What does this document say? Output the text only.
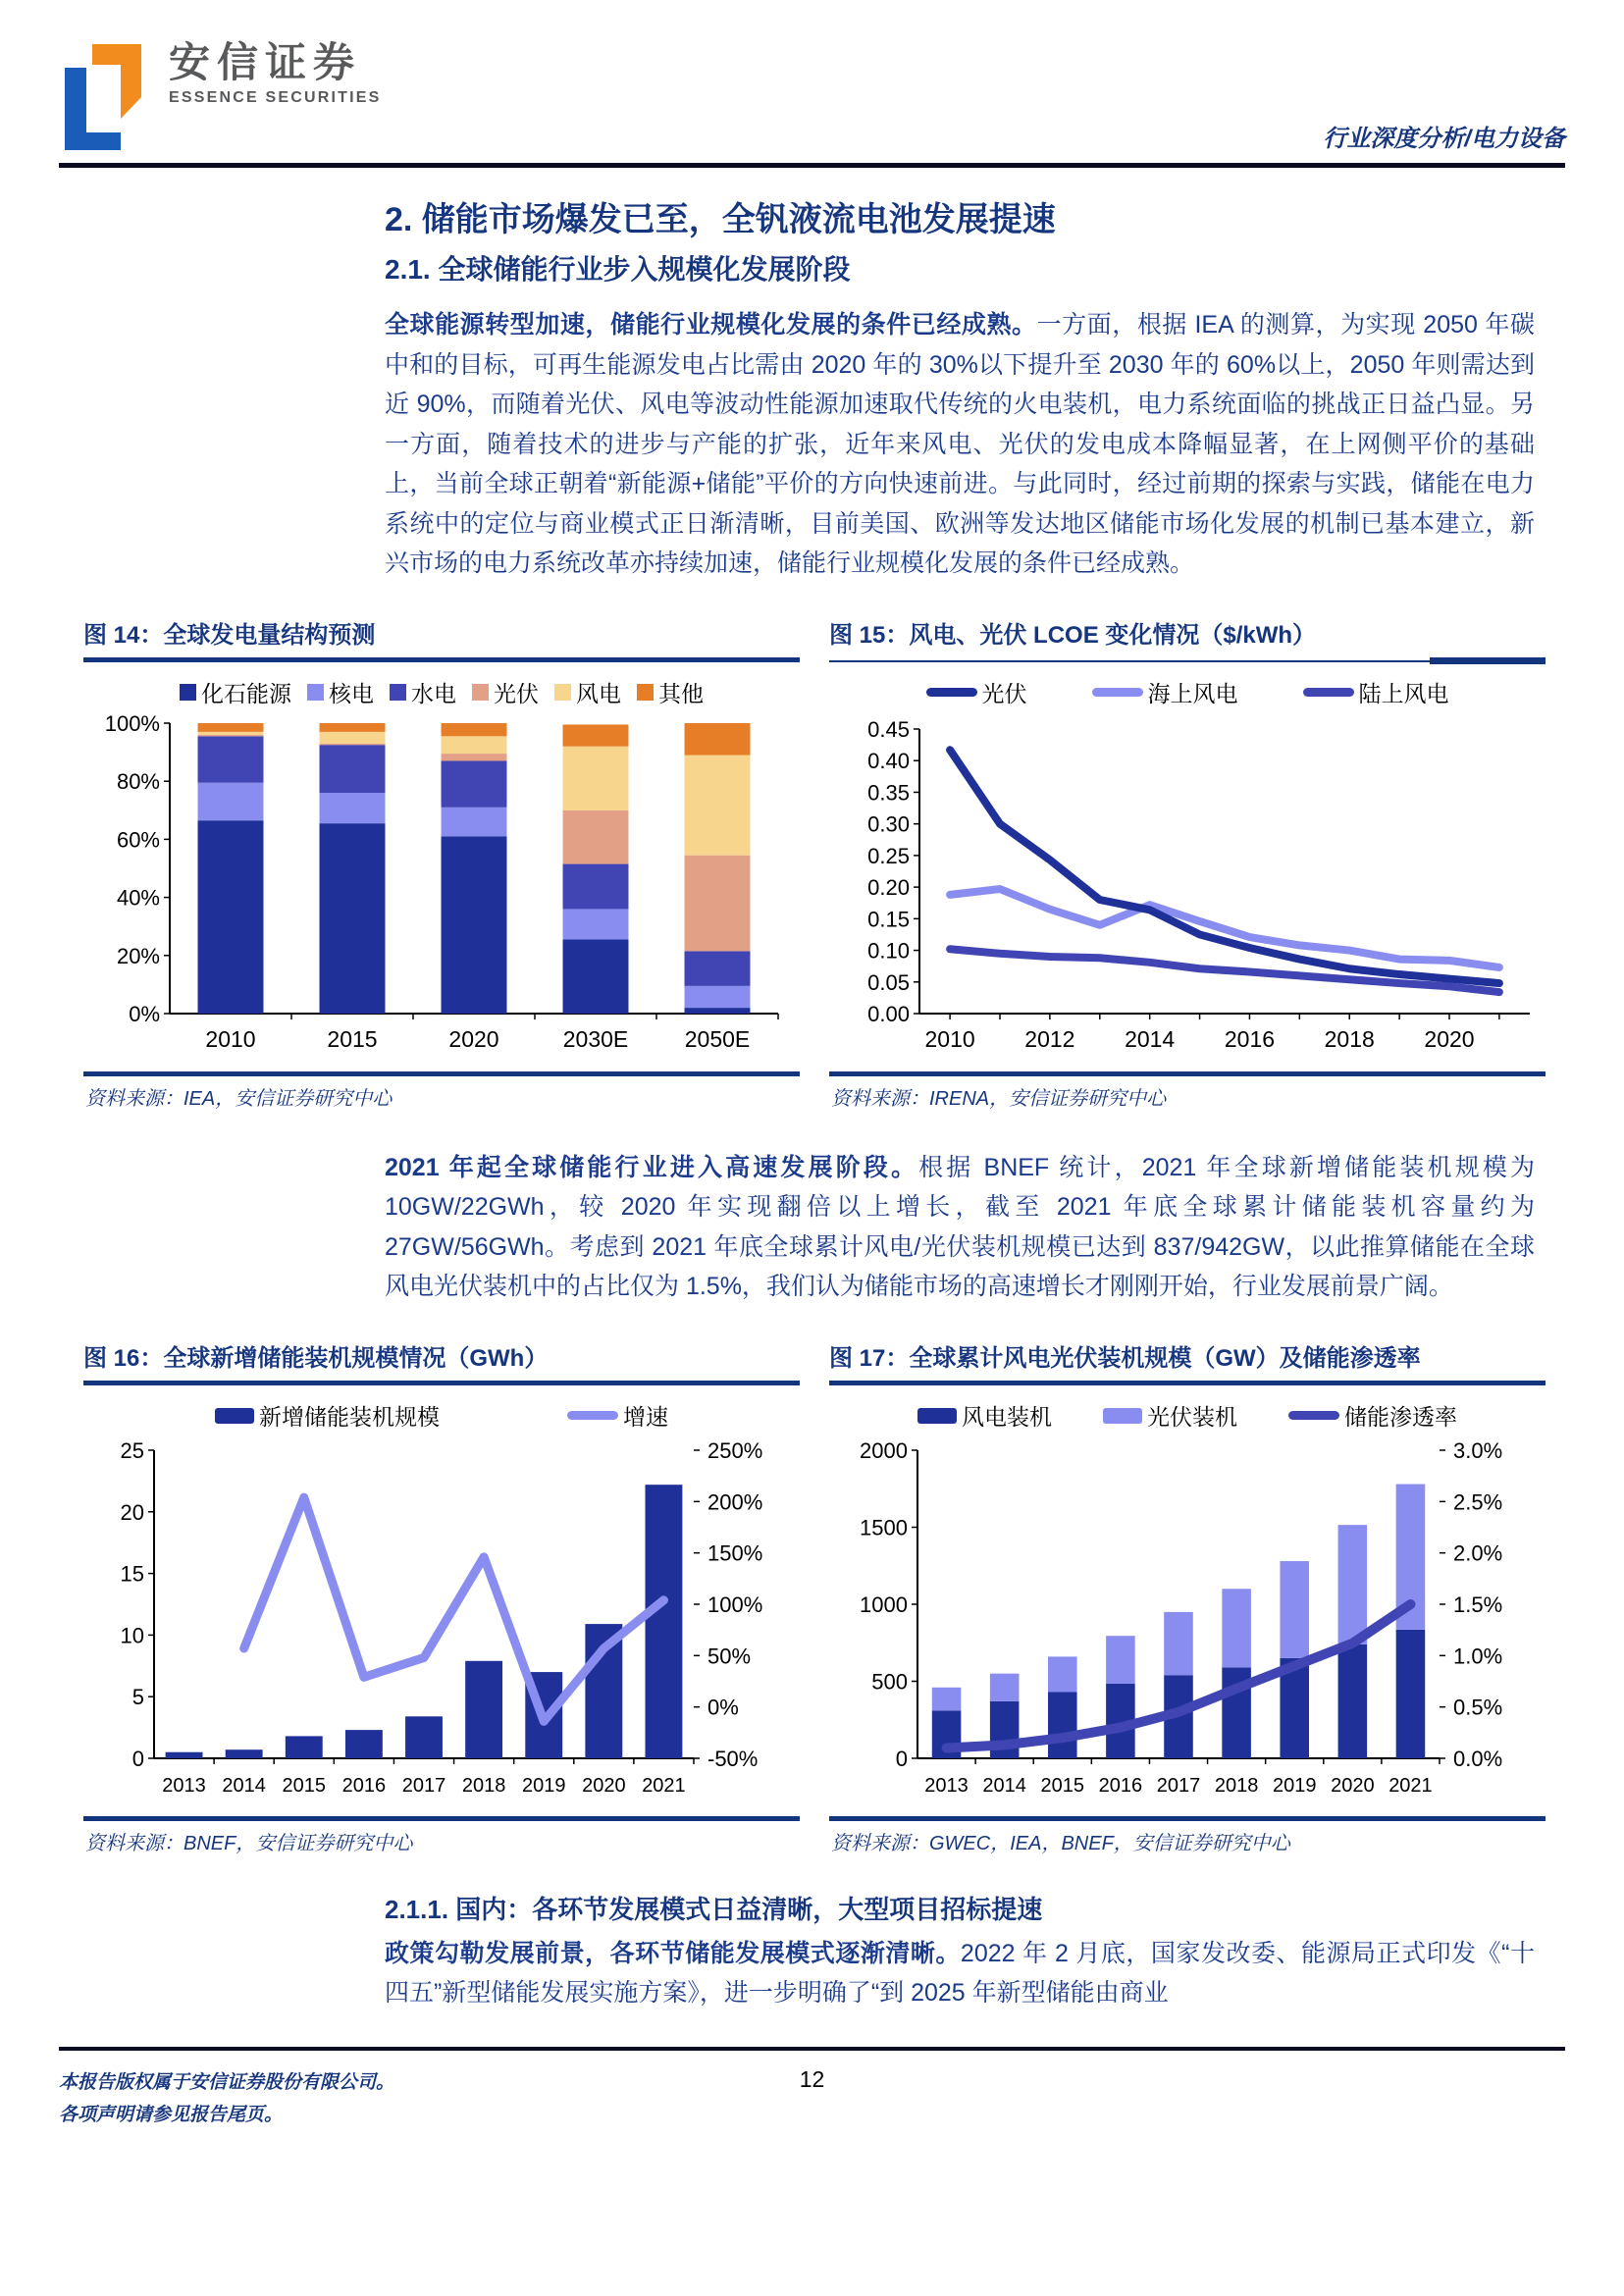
安信证券
ESSENCE SECURITIES
行业深度分析/电力设备
2. 储能市场爆发已至，全钒液流电池发展提速
2.1. 全球储能行业步入规模化发展阶段

全球能源转型加速，储能行业规模化发展的条件已经成熟。一方面，根据 IEA 的测算，为实现 2050 年碳中和的目标，可再生能源发电占比需由 2020 年的 30%以下提升至 2030 年的 60%以上，2050 年则需达到近 90%，而随着光伏、风电等波动性能源加速取代传统的火电装机，电力系统面临的挑战正日益凸显。另一方面，随着技术的进步与产能的扩张，近年来风电、光伏的发电成本降幅显著，在上网侧平价的基础上，当前全球正朝着“新能源+储能”平价的方向快速前进。与此同时，经过前期的探索与实践，储能在电力系统中的定位与商业模式正日渐清晰，目前美国、欧洲等发达地区储能市场化发展的机制已基本建立，新兴市场的电力系统改革亦持续加速，储能行业规模化发展的条件已经成熟。

图 14：全球发电量结构预测
化石能源 核电 水电 光伏 风电 其他
0%
20%
40%
60%
80%
100%
2010	2015	2020	2030E 2050E
资料来源：IEA，安信证券研究中心
图 15：风电、光伏 LCOE 变化情况（$/kWh）
光伏	海上风电	陆上风电
0.00
0.05
0.10
0.15
0.20
0.25
0.30
0.35
0.40
0.45
2010 2012 2014 2016 2018 2020
资料来源：IRENA，安信证券研究中心

2021 年起全球储能行业进入高速发展阶段。根据 BNEF 统计，2021 年全球新增储能装机规模为 10GW/22GWh，较 2020 年实现翻倍以上增长，截至 2021 年底全球累计储能装机容量约为 27GW/56GWh。考虑到 2021 年底全球累计风电/光伏装机规模已达到 837/942GW，以此推算储能在全球风电光伏装机中的占比仅为 1.5%，我们认为储能市场的高速增长才刚刚开始，行业发展前景广阔。

图 16：全球新增储能装机规模情况（GWh）
新增储能装机规模	增速
0
5
10
15
20
25
-50%
0%
50%
100%
150%
200%
250%
2013 2014 2015 2016 2017 2018 2019 2020 2021
资料来源：BNEF，安信证券研究中心
图 17：全球累计风电光伏装机规模（GW）及储能渗透率
风电装机	光伏装机	储能渗透率
0
500
1000
1500
2000
0.0%
0.5%
1.0%
1.5%
2.0%
2.5%
3.0%
2013 2014 2015 2016 2017 2018 2019 2020 2021
资料来源：GWEC，IEA，BNEF，安信证券研究中心
2.1.1. 国内：各环节发展模式日益清晰，大型项目招标提速

政策勾勒发展前景，各环节储能发展模式逐渐清晰。2022 年 2 月底，国家发改委、能源局正式印发《“十四五”新型储能发展实施方案》，进一步明确了“到 2025 年新型储能由商业

本报告版权属于安信证券股份有限公司。
各项声明请参见报告尾页。
12
